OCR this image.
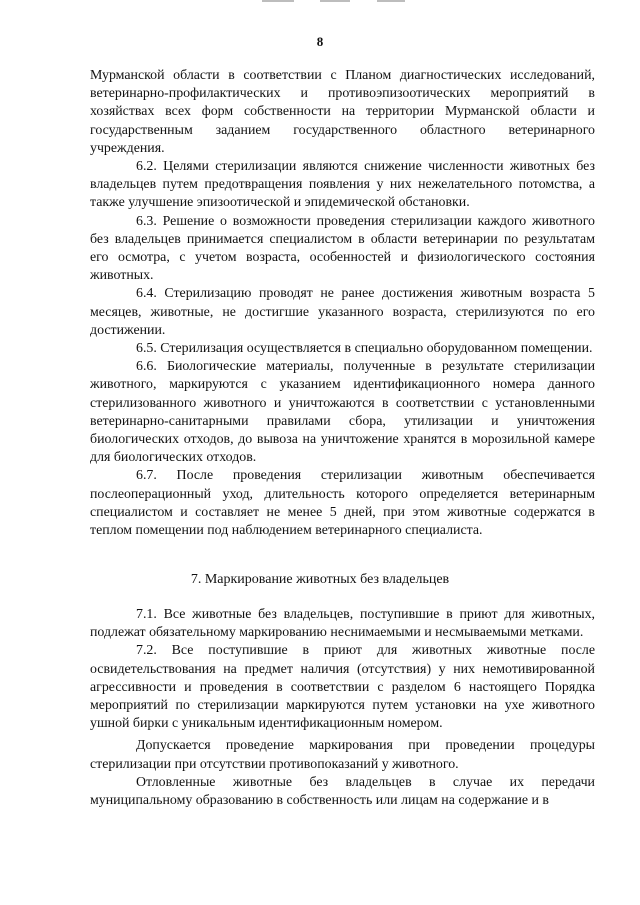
8

Мурманской области в соответствии с Планом диагностических исследований, ветеринарно-профилактических и противоэпизоотических мероприятий в хозяйствах всех форм собственности на территории Мурманской области и государственным заданием государственного областного ветеринарного учреждения.

6.2. Целями стерилизации являются снижение численности животных без владельцев путем предотвращения появления у них нежелательного потомства, а также улучшение эпизоотической и эпидемической обстановки.

6.3. Решение о возможности проведения стерилизации каждого животного без владельцев принимается специалистом в области ветеринарии по результатам его осмотра, с учетом возраста, особенностей и физиологического состояния животных.

6.4. Стерилизацию проводят не ранее достижения животным возраста 5 месяцев, животные, не достигшие указанного возраста, стерилизуются по его достижении.

6.5. Стерилизация осуществляется в специально оборудованном помещении.

6.6. Биологические материалы, полученные в результате стерилизации животного, маркируются с указанием идентификационного номера данного стерилизованного животного и уничтожаются в соответствии с установленными ветеринарно-санитарными правилами сбора, утилизации и уничтожения биологических отходов, до вывоза на уничтожение хранятся в морозильной камере для биологических отходов.

6.7. После проведения стерилизации животным обеспечивается послеоперационный уход, длительность которого определяется ветеринарным специалистом и составляет не менее 5 дней, при этом животные содержатся в теплом помещении под наблюдением ветеринарного специалиста.

7. Маркирование животных без владельцев

7.1. Все животные без владельцев, поступившие в приют для животных, подлежат обязательному маркированию неснимаемыми и несмываемыми метками.

7.2. Все поступившие в приют для животных животные после освидетельствования на предмет наличия (отсутствия) у них немотивированной агрессивности и проведения в соответствии с разделом 6 настоящего Порядка мероприятий по стерилизации маркируются путем установки на ухе животного ушной бирки с уникальным идентификационным номером.

Допускается проведение маркирования при проведении процедуры стерилизации при отсутствии противопоказаний у животного.

Отловленные животные без владельцев в случае их передачи муниципальному образованию в собственность или лицам на содержание и в
